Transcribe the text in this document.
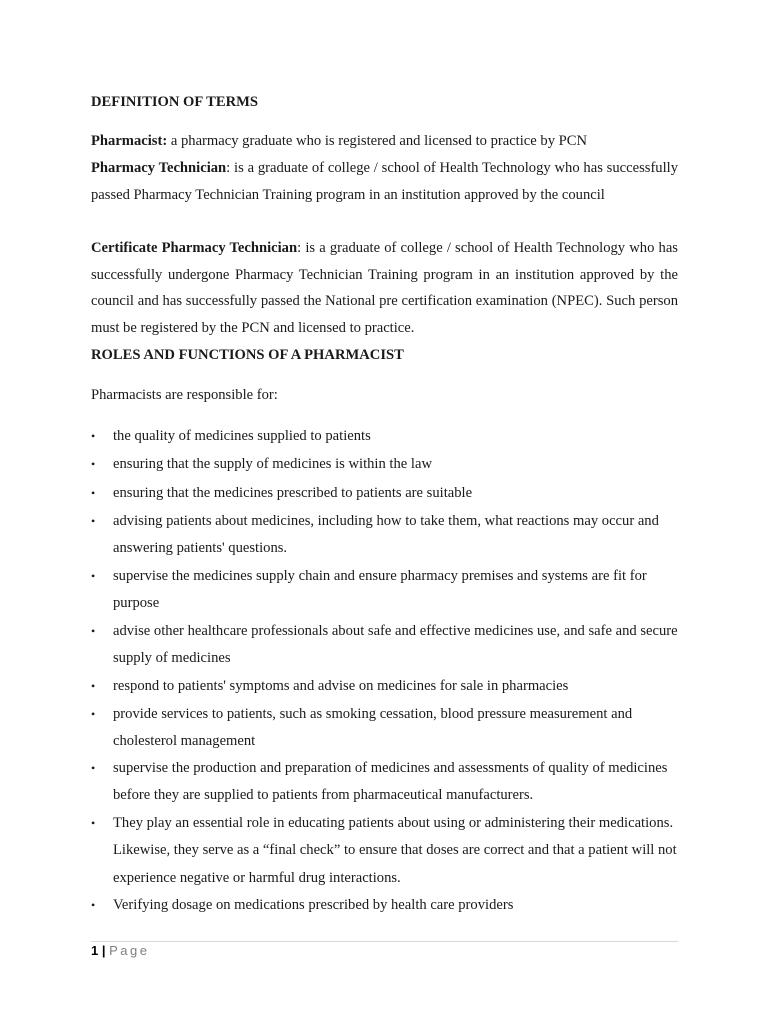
DEFINITION OF TERMS
Pharmacist: a pharmacy graduate who is registered and licensed to practice by PCN
Pharmacy Technician: is a graduate of college / school of Health Technology who has successfully passed Pharmacy Technician Training program in an institution approved by the council
Certificate Pharmacy Technician: is a graduate of college / school of Health Technology who has successfully undergone Pharmacy Technician Training program in an institution approved by the council and has successfully passed the National pre certification examination (NPEC). Such person must be registered by the PCN and licensed to practice.
ROLES AND FUNCTIONS OF A PHARMACIST
Pharmacists are responsible for:
• the quality of medicines supplied to patients
• ensuring that the supply of medicines is within the law
• ensuring that the medicines prescribed to patients are suitable
• advising patients about medicines, including how to take them, what reactions may occur and answering patients' questions.
• supervise the medicines supply chain and ensure pharmacy premises and systems are fit for purpose
• advise other healthcare professionals about safe and effective medicines use, and safe and secure supply of medicines
• respond to patients' symptoms and advise on medicines for sale in pharmacies
• provide services to patients, such as smoking cessation, blood pressure measurement and cholesterol management
• supervise the production and preparation of medicines and assessments of quality of medicines before they are supplied to patients from pharmaceutical manufacturers.
• They play an essential role in educating patients about using or administering their medications. Likewise, they serve as a “final check” to ensure that doses are correct and that a patient will not experience negative or harmful drug interactions.
• Verifying dosage on medications prescribed by health care providers
1 | Page
